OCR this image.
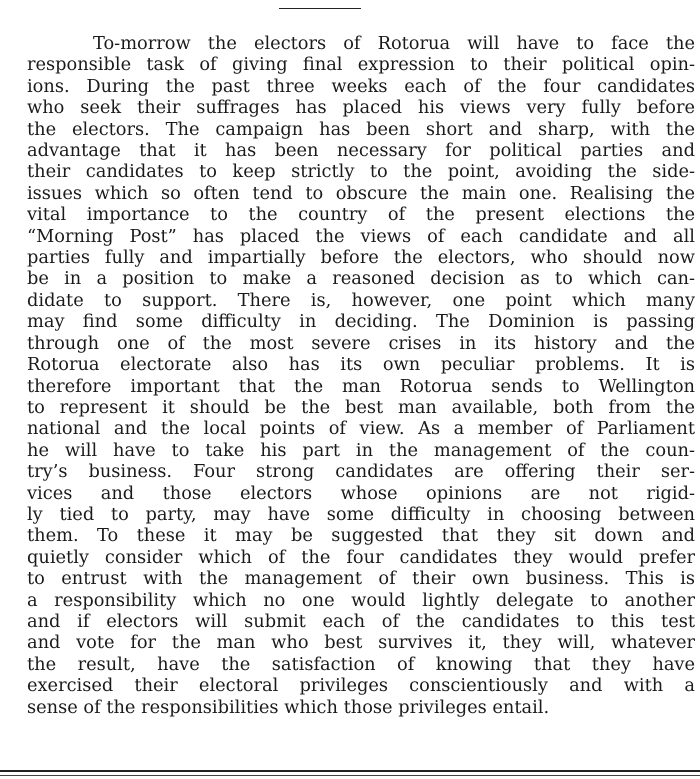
To-morrow the electors of Rotorua will have to face the
responsible task of giving final expression to their political opin-
ions. During the past three weeks each of the four candidates
who seek their suffrages has placed his views very fully before
the electors. The campaign has been short and sharp, with the
advantage that it has been necessary for political parties and
their candidates to keep strictly to the point, avoiding the side-
issues which so often tend to obscure the main one. Realising the
vital importance to the country of the present elections the
“Morning Post” has placed the views of each candidate and all
parties fully and impartially before the electors, who should now
be in a position to make a reasoned decision as to which can-
didate to support. There is, however, one point which many
may find some difficulty in deciding. The Dominion is passing
through one of the most severe crises in its history and the
Rotorua electorate also has its own peculiar problems. It is
therefore important that the man Rotorua sends to Wellington
to represent it should be the best man available, both from the
national and the local points of view. As a member of Parliament
he will have to take his part in the management of the coun-
try’s business. Four strong candidates are offering their ser-
vices and those electors whose opinions are not rigid-
ly tied to party, may have some difficulty in choosing between
them. To these it may be suggested that they sit down and
quietly consider which of the four candidates they would prefer
to entrust with the management of their own business. This is
a responsibility which no one would lightly delegate to another
and if electors will submit each of the candidates to this test
and vote for the man who best survives it, they will, whatever
the result, have the satisfaction of knowing that they have
exercised their electoral privileges conscientiously and with a
sense of the responsibilities which those privileges entail.
